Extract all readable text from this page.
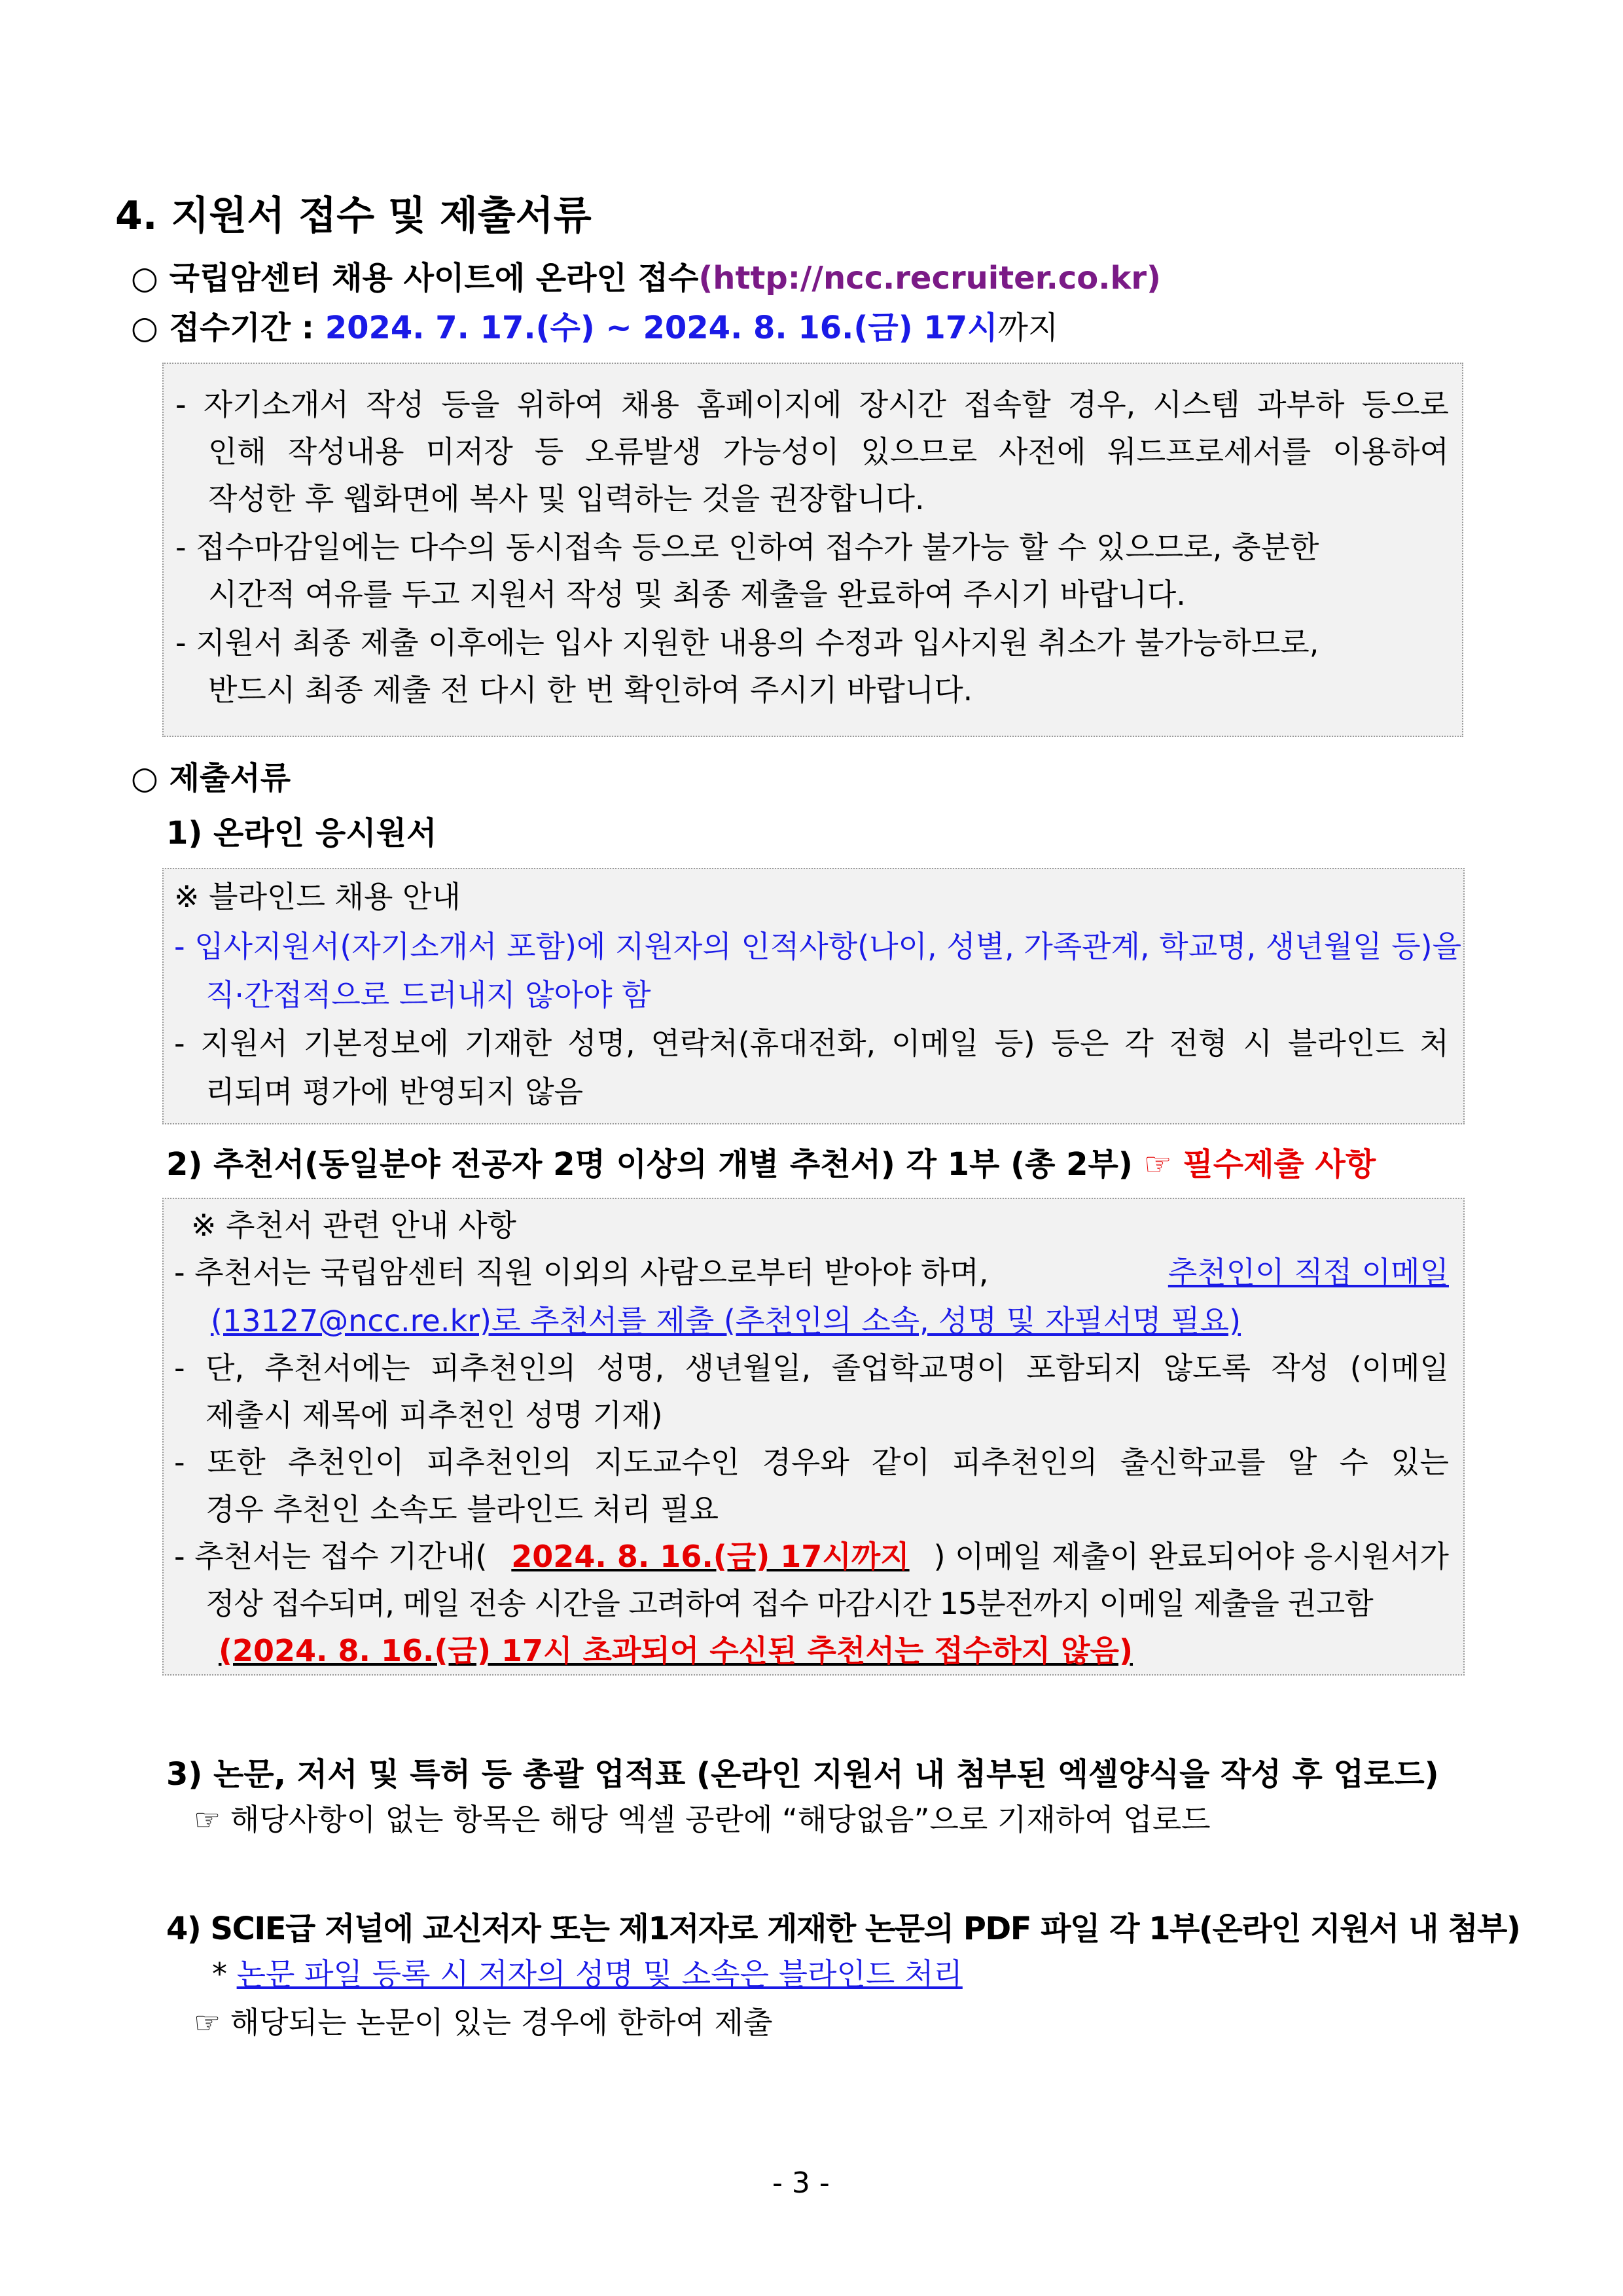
4. 지원서 접수 및 제출서류
○ 국립암센터 채용 사이트에 온라인 접수(http://ncc.recruiter.co.kr)
○ 접수기간 : 2024. 7. 17.(수) ~ 2024. 8. 16.(금) 17시까지
- 자기소개서 작성 등을 위하여 채용 홈페이지에 장시간 접속할 경우, 시스템 과부하 등으로
인해 작성내용 미저장 등 오류발생 가능성이 있으므로 사전에 워드프로세서를 이용하여
작성한 후 웹화면에 복사 및 입력하는 것을 권장합니다.
- 접수마감일에는 다수의 동시접속 등으로 인하여 접수가 불가능 할 수 있으므로, 충분한
시간적 여유를 두고 지원서 작성 및 최종 제출을 완료하여 주시기 바랍니다.
- 지원서 최종 제출 이후에는 입사 지원한 내용의 수정과 입사지원 취소가 불가능하므로,
반드시 최종 제출 전 다시 한 번 확인하여 주시기 바랍니다.
○ 제출서류
1) 온라인 응시원서
※ 블라인드 채용 안내
- 입사지원서(자기소개서 포함)에 지원자의 인적사항(나이, 성별, 가족관계, 학교명, 생년월일 등)을
직·간접적으로 드러내지 않아야 함
- 지원서 기본정보에 기재한 성명, 연락처(휴대전화, 이메일 등) 등은 각 전형 시 블라인드 처
리되며 평가에 반영되지 않음
2) 추천서(동일분야 전공자 2명 이상의 개별 추천서) 각 1부 (총 2부) ☞ 필수제출 사항
※ 추천서 관련 안내 사항
- 추천서는 국립암센터 직원 이외의 사람으로부터 받아야 하며,	추천인이 직접 이메일
(13127@ncc.re.kr)로 추천서를 제출 (추천인의 소속, 성명 및 자필서명 필요)
- 단, 추천서에는 피추천인의 성명, 생년월일, 졸업학교명이 포함되지 않도록 작성 (이메일
제출시 제목에 피추천인 성명 기재)
- 또한 추천인이 피추천인의 지도교수인 경우와 같이 피추천인의 출신학교를 알 수 있는
경우 추천인 소속도 블라인드 처리 필요
- 추천서는 접수 기간내( 2024. 8. 16.(금) 17시까지 ) 이메일 제출이 완료되어야 응시원서가
정상 접수되며, 메일 전송 시간을 고려하여 접수 마감시간 15분전까지 이메일 제출을 권고함
(2024. 8. 16.(금) 17시 초과되어 수신된 추천서는 접수하지 않음)
3) 논문, 저서 및 특허 등 총괄 업적표 (온라인 지원서 내 첨부된 엑셀양식을 작성 후 업로드)
☞ 해당사항이 없는 항목은 해당 엑셀 공란에 “해당없음”으로 기재하여 업로드
4) SCIE급 저널에 교신저자 또는 제1저자로 게재한 논문의 PDF 파일 각 1부(온라인 지원서 내 첨부)
* 논문 파일 등록 시 저자의 성명 및 소속은 블라인드 처리
☞ 해당되는 논문이 있는 경우에 한하여 제출
- 3 -
